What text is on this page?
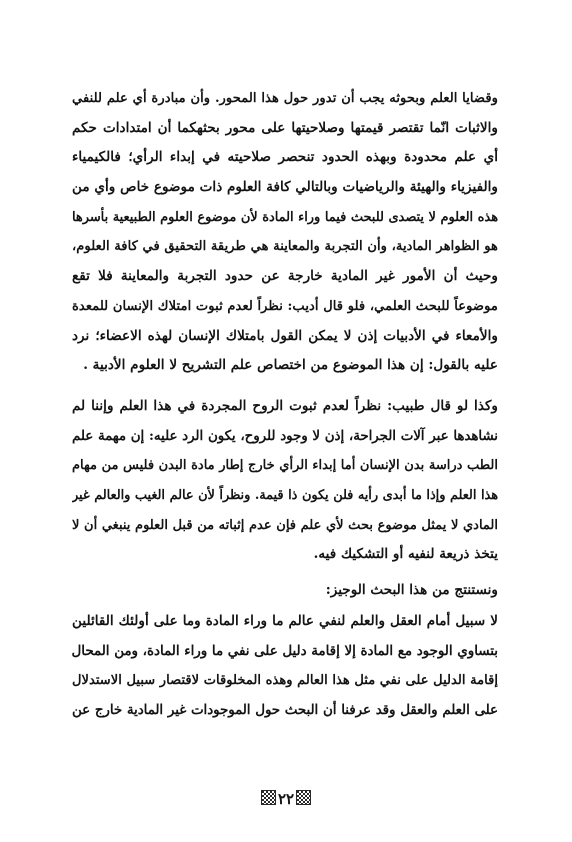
وقضايا العلم وبحوثه يجب أن تدور حول هذا المحور. وأن مبادرة أي علم للنفي
والاثبات انّما تقتصر قيمتها وصلاحيتها على محور بحثهكما أن امتدادات حكم
أي علم محدودة وبهذه الحدود تنحصر صلاحيته في إبداء الرأي؛ فالكيمياء
والفيزياء والهيئة والرياضيات وبالتالي كافة العلوم ذات موضوع خاص وأي من
هذه العلوم لا يتصدى للبحث فيما وراء المادة لأن موضوع العلوم الطبيعية بأسرها
هو الظواهر المادية، وأن التجربة والمعاينة هي طريقة التحقيق في كافة العلوم،
وحيث أن الأمور غير المادية خارجة عن حدود التجربة والمعاينة فلا تقع
موضوعاً للبحث العلمي، فلو قال أديب: نظراً لعدم ثبوت امتلاك الإنسان للمعدة
والأمعاء في الأدبيات إذن لا يمكن القول بامتلاك الإنسان لهذه الاعضاء؛ نرد
عليه بالقول: إن هذا الموضوع من اختصاص علم التشريح لا العلوم الأدبية .
وكذا لو قال طبيب: نظراً لعدم ثبوت الروح المجردة في هذا العلم وإننا لم
نشاهدها عبر آلات الجراحة، إذن لا وجود للروح، يكون الرد عليه: إن مهمة علم
الطب دراسة بدن الإنسان أما إبداء الرأي خارج إطار مادة البدن فليس من مهام
هذا العلم وإذا ما أبدى رأيه فلن يكون ذا قيمة. ونظراً لأن عالم الغيب والعالم غير
المادي لا يمثل موضوع بحث لأي علم فإن عدم إثباته من قبل العلوم ينبغي أن لا
يتخذ ذريعة لنفيه أو التشكيك فيه.
ونستنتج من هذا البحث الوجيز:
لا سبيل أمام العقل والعلم لنفي عالم ما وراء المادة وما على أولئك القائلين
بتساوي الوجود مع المادة إلا إقامة دليل على نفي ما وراء المادة، ومن المحال
إقامة الدليل على نفي مثل هذا العالم وهذه المخلوقات لاقتصار سبيل الاستدلال
على العلم والعقل وقد عرفنا أن البحث حول الموجودات غير المادية خارج عن
٢٢
